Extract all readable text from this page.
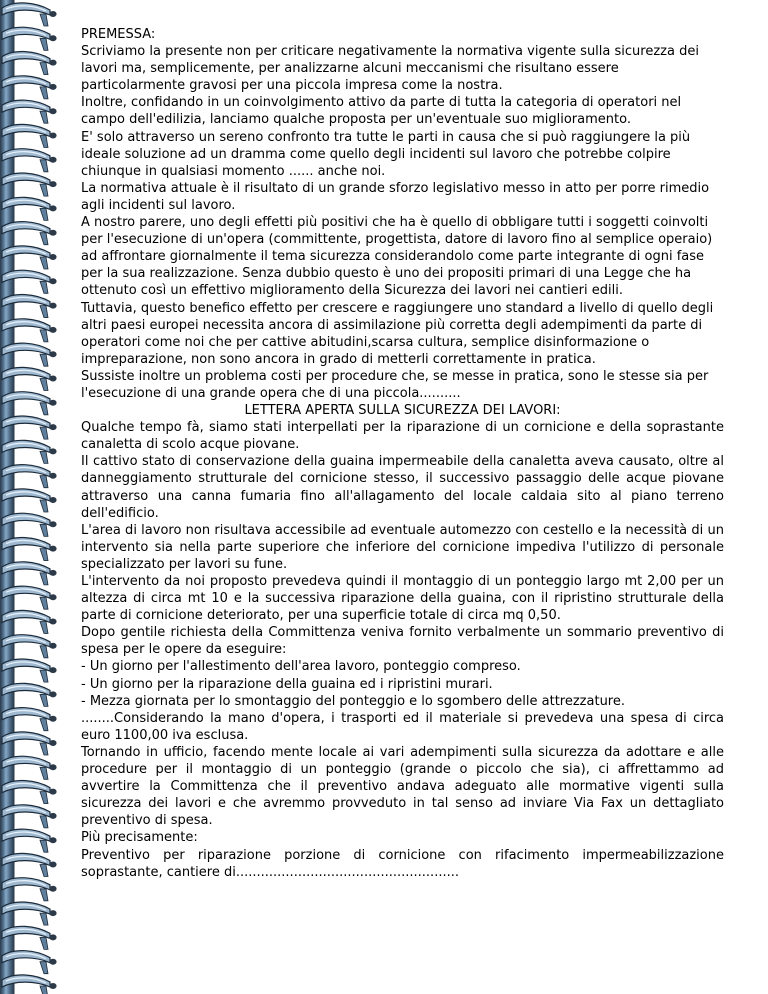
PREMESSA:

Scriviamo la presente non per criticare negativamente la normativa vigente sulla sicurezza dei lavori ma, semplicemente, per analizzarne alcuni meccanismi che risultano essere particolarmente gravosi per una piccola impresa come la nostra.

Inoltre, confidando in un coinvolgimento attivo da parte di tutta la categoria di operatori nel campo dell'edilizia, lanciamo qualche proposta per un'eventuale suo miglioramento.

E' solo attraverso un sereno confronto tra tutte le parti in causa che si può raggiungere la più ideale soluzione ad un dramma come quello degli incidenti sul lavoro che potrebbe colpire chiunque in qualsiasi momento ...... anche noi.

La normativa attuale è il risultato di un grande sforzo legislativo messo in atto per porre rimedio agli incidenti sul lavoro.

A nostro parere, uno degli effetti più positivi che ha è quello di obbligare tutti i soggetti coinvolti per l'esecuzione di un'opera (committente, progettista, datore di lavoro fino al semplice operaio) ad affrontare giornalmente il tema sicurezza considerandolo come parte integrante di ogni fase per la sua realizzazione. Senza dubbio questo è uno dei propositi primari di una Legge che ha ottenuto così un effettivo miglioramento della Sicurezza dei lavori nei cantieri edili.

Tuttavia, questo benefico effetto per crescere e raggiungere uno standard a livello di quello degli altri paesi europei necessita ancora di assimilazione più corretta degli adempimenti da parte di operatori come noi che per cattive abitudini,scarsa cultura, semplice disinformazione o impreparazione, non sono ancora in grado di metterli correttamente in pratica.

Sussiste inoltre un problema costi per procedure che, se messe in pratica, sono le stesse sia per l'esecuzione di una grande opera che di una piccola..........

LETTERA APERTA SULLA SICUREZZA DEI LAVORI:

Qualche tempo fà, siamo stati interpellati per la riparazione di un cornicione e della soprastante canaletta di scolo acque piovane.

Il cattivo stato di conservazione della guaina impermeabile della canaletta aveva causato, oltre al danneggiamento strutturale del cornicione stesso, il successivo passaggio delle acque piovane attraverso una canna fumaria fino all'allagamento del locale caldaia sito al piano terreno dell'edificio.

L'area di lavoro non risultava accessibile ad eventuale automezzo con cestello e la necessità di un intervento sia nella parte superiore che inferiore del cornicione impediva l'utilizzo di personale specializzato per lavori su fune.

L'intervento da noi proposto prevedeva quindi il montaggio di un ponteggio largo mt 2,00 per un altezza di circa mt 10 e la successiva riparazione della guaina, con il ripristino strutturale della parte di cornicione deteriorato, per una superficie totale di circa mq 0,50.

Dopo gentile richiesta della Committenza veniva fornito verbalmente un sommario preventivo di spesa per le opere da eseguire:

- Un giorno per l'allestimento dell'area lavoro, ponteggio compreso.

- Un giorno per la riparazione della guaina ed i ripristini murari.

- Mezza giornata per lo smontaggio del ponteggio e lo sgombero delle attrezzature.

........Considerando la mano d'opera, i trasporti ed il materiale si prevedeva una spesa di circa euro 1100,00 iva esclusa.

Tornando in ufficio, facendo mente locale ai vari adempimenti sulla sicurezza da adottare e alle procedure per il montaggio di un ponteggio (grande o piccolo che sia), ci affrettammo ad avvertire la Committenza che il preventivo andava adeguato alle mormative vigenti sulla sicurezza dei lavori e che avremmo provveduto in tal senso ad inviare Via Fax un dettagliato preventivo di spesa.

Più precisamente:

Preventivo per riparazione porzione di cornicione con rifacimento impermeabilizzazione soprastante, cantiere di......................................................
